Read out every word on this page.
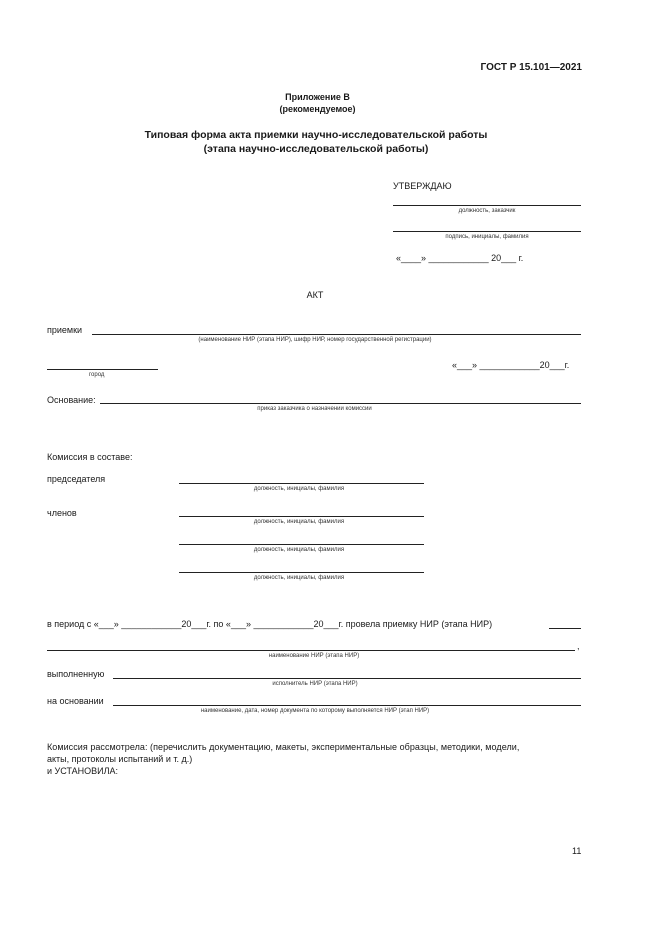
ГОСТ Р 15.101—2021
Приложение В
(рекомендуемое)
Типовая форма акта приемки научно-исследовательской работы
(этапа научно-исследовательской работы)
УТВЕРЖДАЮ
должность, заказчик
подпись, инициалы, фамилия
«____» ____________ 20___ г.
АКТ
приемки
(наименование НИР (этапа НИР), шифр НИР, номер государственной регистрации)
город
«___» ____________20___г.
Основание:
приказ заказчика о назначении комиссии
Комиссия в составе:
председателя
должность, инициалы, фамилия
членов
должность, инициалы, фамилия
должность, инициалы, фамилия
должность, инициалы, фамилия
в период с «___» ____________20___г. по «___» ____________20___г. провела приемку НИР (этапа НИР)
,
наименование НИР (этапа НИР)
выполненную
исполнитель НИР (этапа НИР)
на основании
наименование, дата, номер документа по которому выполняется НИР (этап НИР)
Комиссия рассмотрела: (перечислить документацию, макеты, экспериментальные образцы, методики, модели,
акты, протоколы испытаний и т. д.)
и УСТАНОВИЛА:
11
